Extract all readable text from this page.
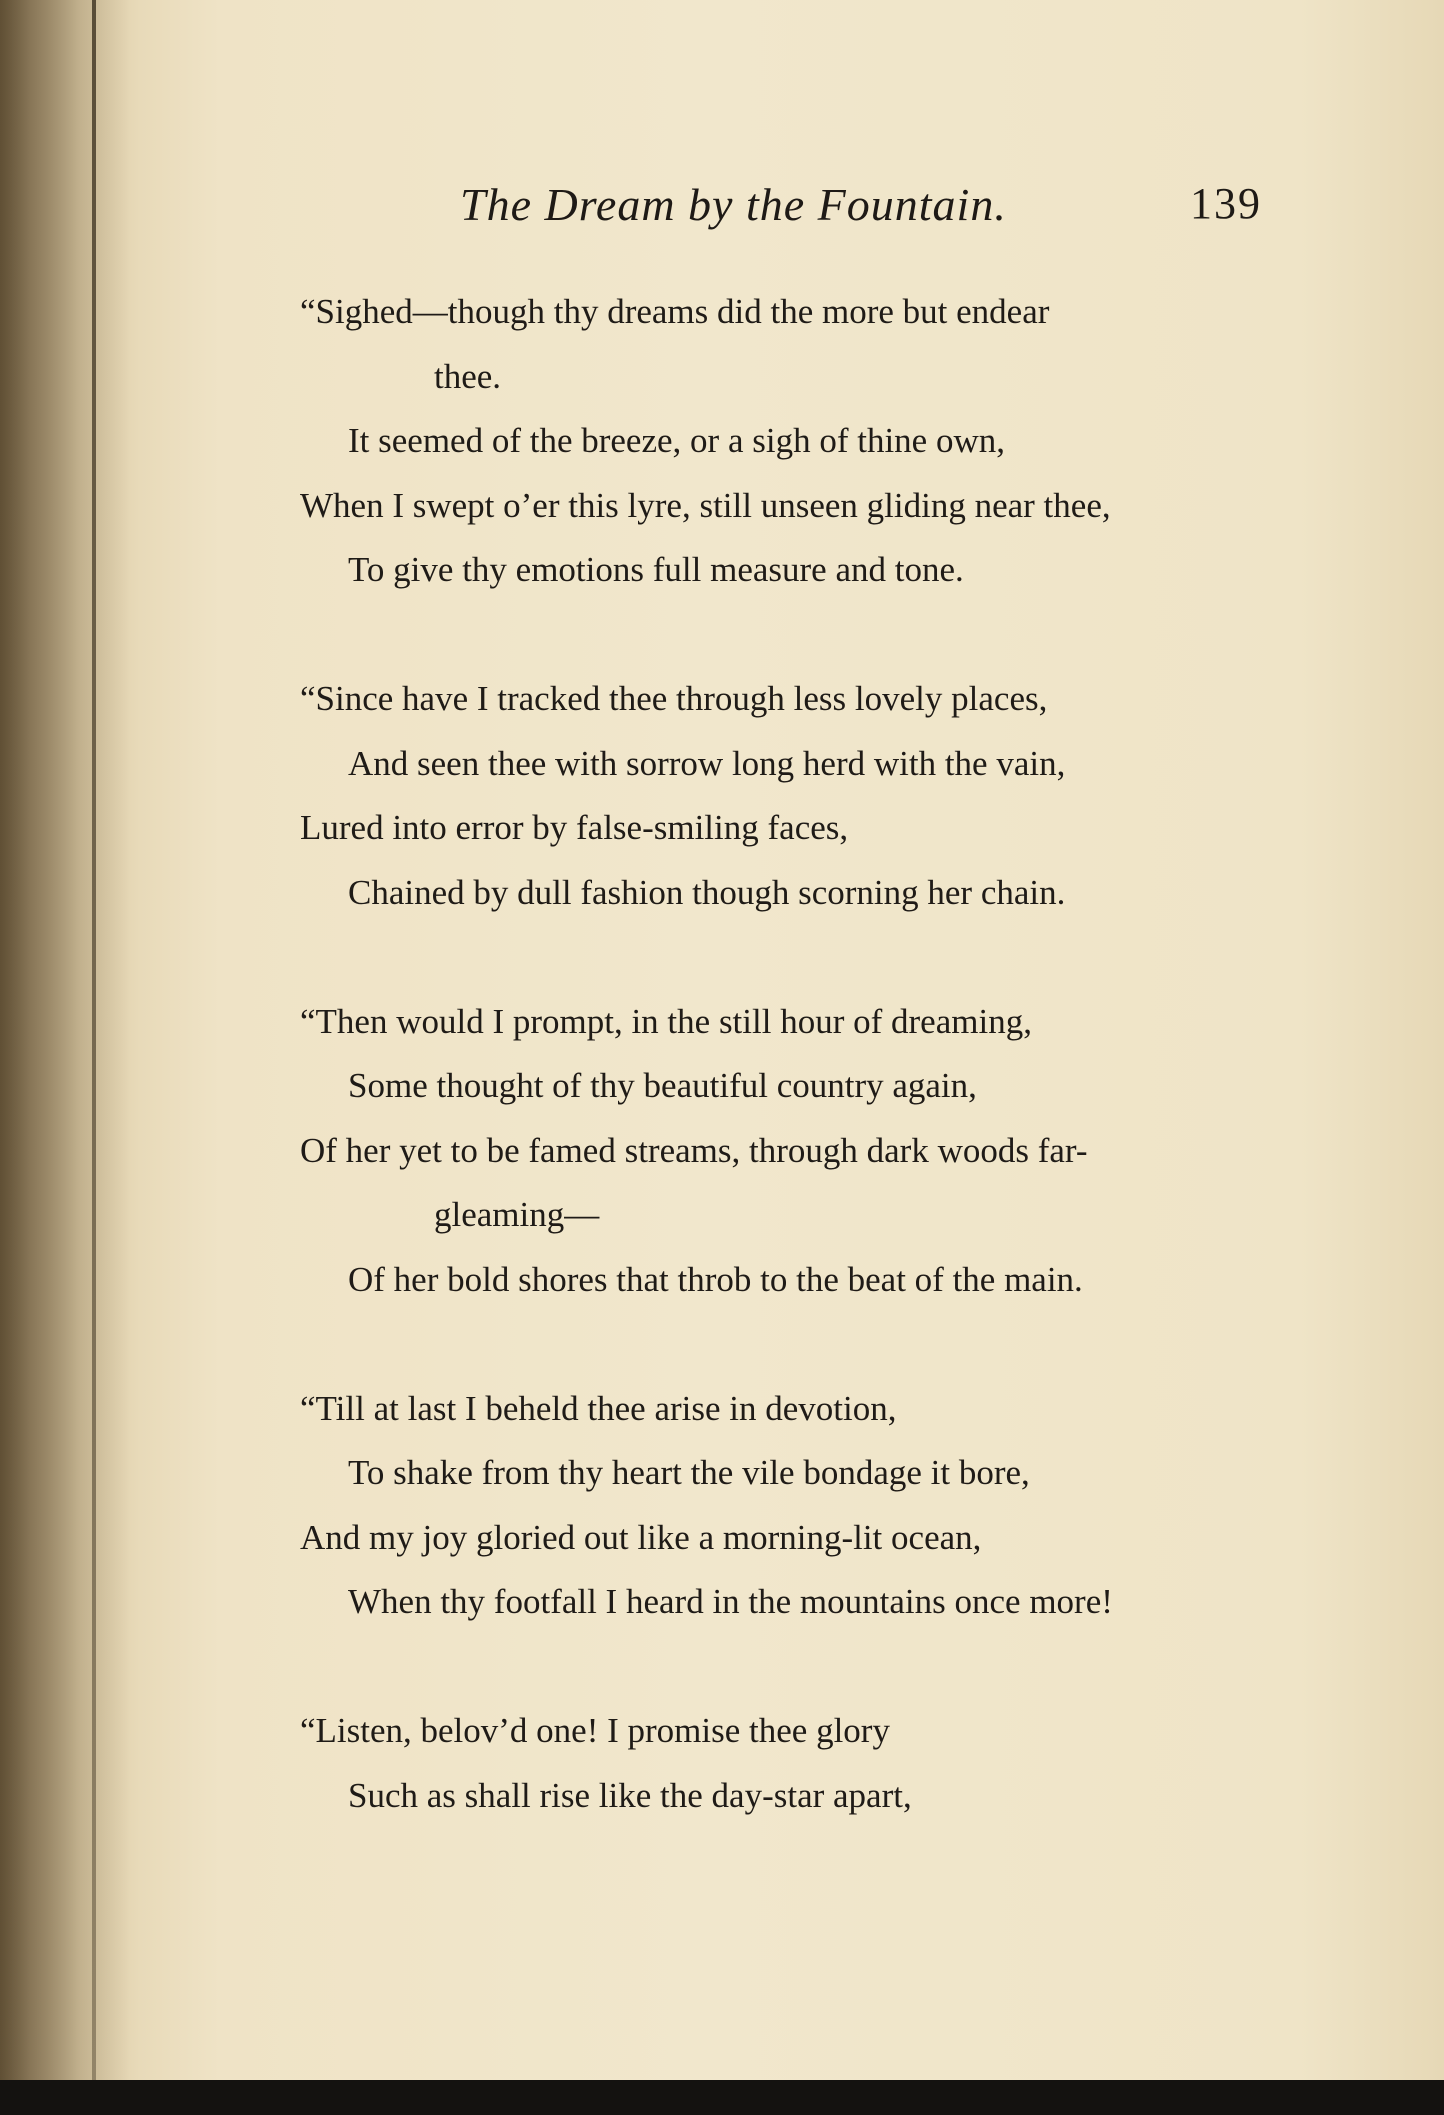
The Dream by the Fountain.	139
“Sighed—though thy dreams did the more but endear
thee.
It seemed of the breeze, or a sigh of thine own,
When I swept o’er this lyre, still unseen gliding near thee,
To give thy emotions full measure and tone.
“Since have I tracked thee through less lovely places,
And seen thee with sorrow long herd with the vain,
Lured into error by false-smiling faces,
Chained by dull fashion though scorning her chain.
“Then would I prompt, in the still hour of dreaming,
Some thought of thy beautiful country again,
Of her yet to be famed streams, through dark woods far-
gleaming—
Of her bold shores that throb to the beat of the main.
“Till at last I beheld thee arise in devotion,
To shake from thy heart the vile bondage it bore,
And my joy gloried out like a morning-lit ocean,
When thy footfall I heard in the mountains once more!
“Listen, belov’d one! I promise thee glory
Such as shall rise like the day-star apart,
